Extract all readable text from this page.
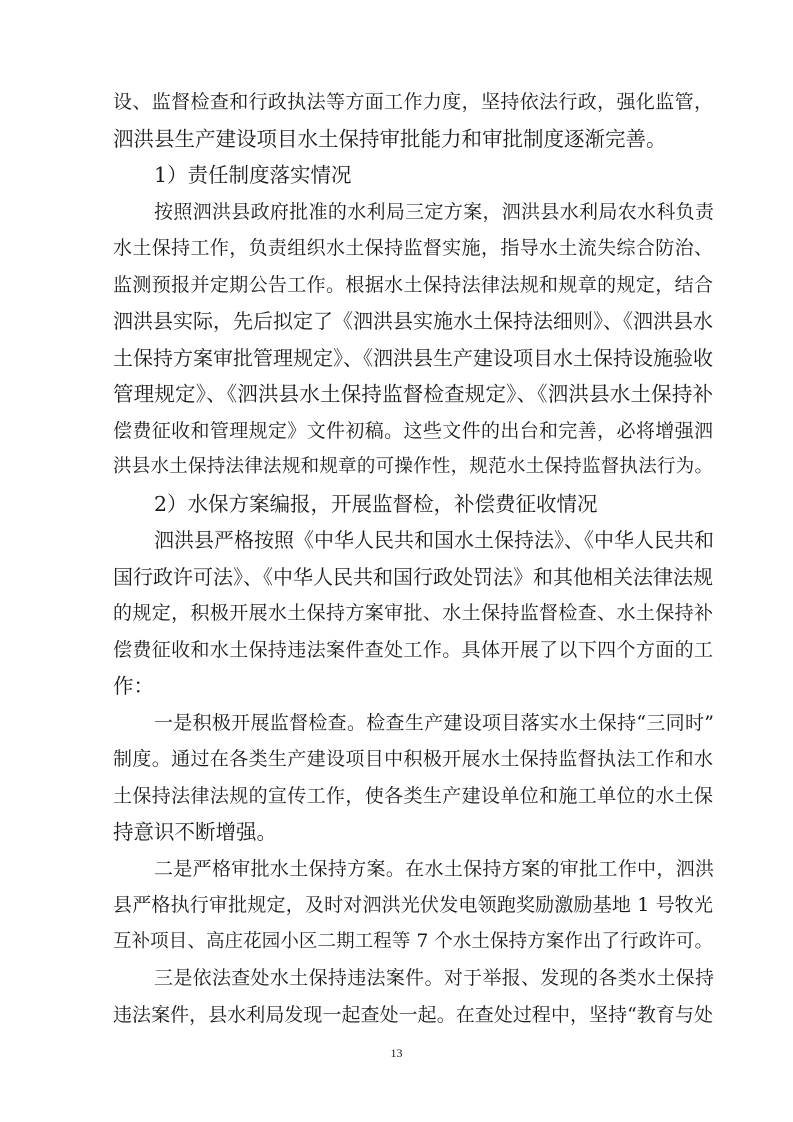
设、监督检查和行政执法等方面工作力度，坚持依法行政，强化监管，
泗洪县生产建设项目水土保持审批能力和审批制度逐渐完善。
1）责任制度落实情况
按照泗洪县政府批准的水利局三定方案，泗洪县水利局农水科负责
水土保持工作，负责组织水土保持监督实施，指导水土流失综合防治、
监测预报并定期公告工作。根据水土保持法律法规和规章的规定，结合
泗洪县实际，先后拟定了《泗洪县实施水土保持法细则》、《泗洪县水
土保持方案审批管理规定》、《泗洪县生产建设项目水土保持设施验收
管理规定》、《泗洪县水土保持监督检查规定》、《泗洪县水土保持补
偿费征收和管理规定》文件初稿。这些文件的出台和完善，必将增强泗
洪县水土保持法律法规和规章的可操作性，规范水土保持监督执法行为。
2）水保方案编报，开展监督检，补偿费征收情况
泗洪县严格按照《中华人民共和国水土保持法》、《中华人民共和
国行政许可法》、《中华人民共和国行政处罚法》和其他相关法律法规
的规定，积极开展水土保持方案审批、水土保持监督检查、水土保持补
偿费征收和水土保持违法案件查处工作。具体开展了以下四个方面的工
作：
一是积极开展监督检查。检查生产建设项目落实水土保持“三同时”
制度。通过在各类生产建设项目中积极开展水土保持监督执法工作和水
土保持法律法规的宣传工作，使各类生产建设单位和施工单位的水土保
持意识不断增强。
二是严格审批水土保持方案。在水土保持方案的审批工作中，泗洪
县严格执行审批规定，及时对泗洪光伏发电领跑奖励激励基地 1 号牧光
互补项目、高庄花园小区二期工程等 7 个水土保持方案作出了行政许可。
三是依法查处水土保持违法案件。对于举报、发现的各类水土保持
违法案件，县水利局发现一起查处一起。在查处过程中，坚持“教育与处
13
